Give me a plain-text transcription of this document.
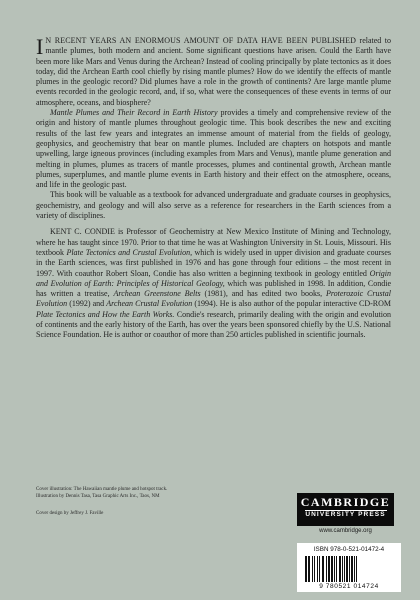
I N RECENT YEARS AN ENORMOUS AMOUNT OF DATA HAVE BEEN PUBLISHED related to mantle plumes, both modern and ancient. Some significant questions have arisen. Could the Earth have been more like Mars and Venus during the Archean? Instead of cooling principally by plate tectonics as it does today, did the Archean Earth cool chiefly by rising mantle plumes? How do we identify the effects of mantle plumes in the geologic record? Did plumes have a role in the growth of continents? Are large mantle plume events recorded in the geologic record, and, if so, what were the consequences of these events in terms of our atmosphere, oceans, and biosphere?

Mantle Plumes and Their Record in Earth History provides a timely and comprehensive review of the origin and history of mantle plumes throughout geologic time. This book describes the new and exciting results of the last few years and integrates an immense amount of material from the fields of geology, geophysics, and geochemistry that bear on mantle plumes. Included are chapters on hotspots and mantle upwelling, large igneous provinces (including examples from Mars and Venus), mantle plume generation and melting in plumes, plumes as tracers of mantle processes, plumes and continental growth, Archean mantle plumes, superplumes, and mantle plume events in Earth history and their effect on the atmosphere, oceans, and life in the geologic past.

This book will be valuable as a textbook for advanced undergraduate and graduate courses in geophysics, geochemistry, and geology and will also serve as a reference for researchers in the Earth sciences from a variety of disciplines.

KENT C. CONDIE is Professor of Geochemistry at New Mexico Institute of Mining and Technology, where he has taught since 1970. Prior to that time he was at Washington University in St. Louis, Missouri. His textbook Plate Tectonics and Crustal Evolution, which is widely used in upper division and graduate courses in the Earth sciences, was first published in 1976 and has gone through four editions – the most recent in 1997. With coauthor Robert Sloan, Condie has also written a beginning textbook in geology entitled Origin and Evolution of Earth: Principles of Historical Geology, which was published in 1998. In addition, Condie has written a treatise, Archean Greenstone Belts (1981), and has edited two books, Proterozoic Crustal Evolution (1992) and Archean Crustal Evolution (1994). He is also author of the popular interactive CD-ROM Plate Tectonics and How the Earth Works. Condie's research, primarily dealing with the origin and evolution of continents and the early history of the Earth, has over the years been sponsored chiefly by the U.S. National Science Foundation. He is author or coauthor of more than 250 articles published in scientific journals.

Cover illustration: The Hawaiian mantle plume and hotspot track.
Illustration by Dennis Tasa, Tasa Graphic Arts Inc., Taos, NM
Cover design by Jeffrey J. Faville
CAMBRIDGE
UNIVERSITY PRESS
www.cambridge.org
ISBN 978-0-521-01472-4
9 780521 014724
